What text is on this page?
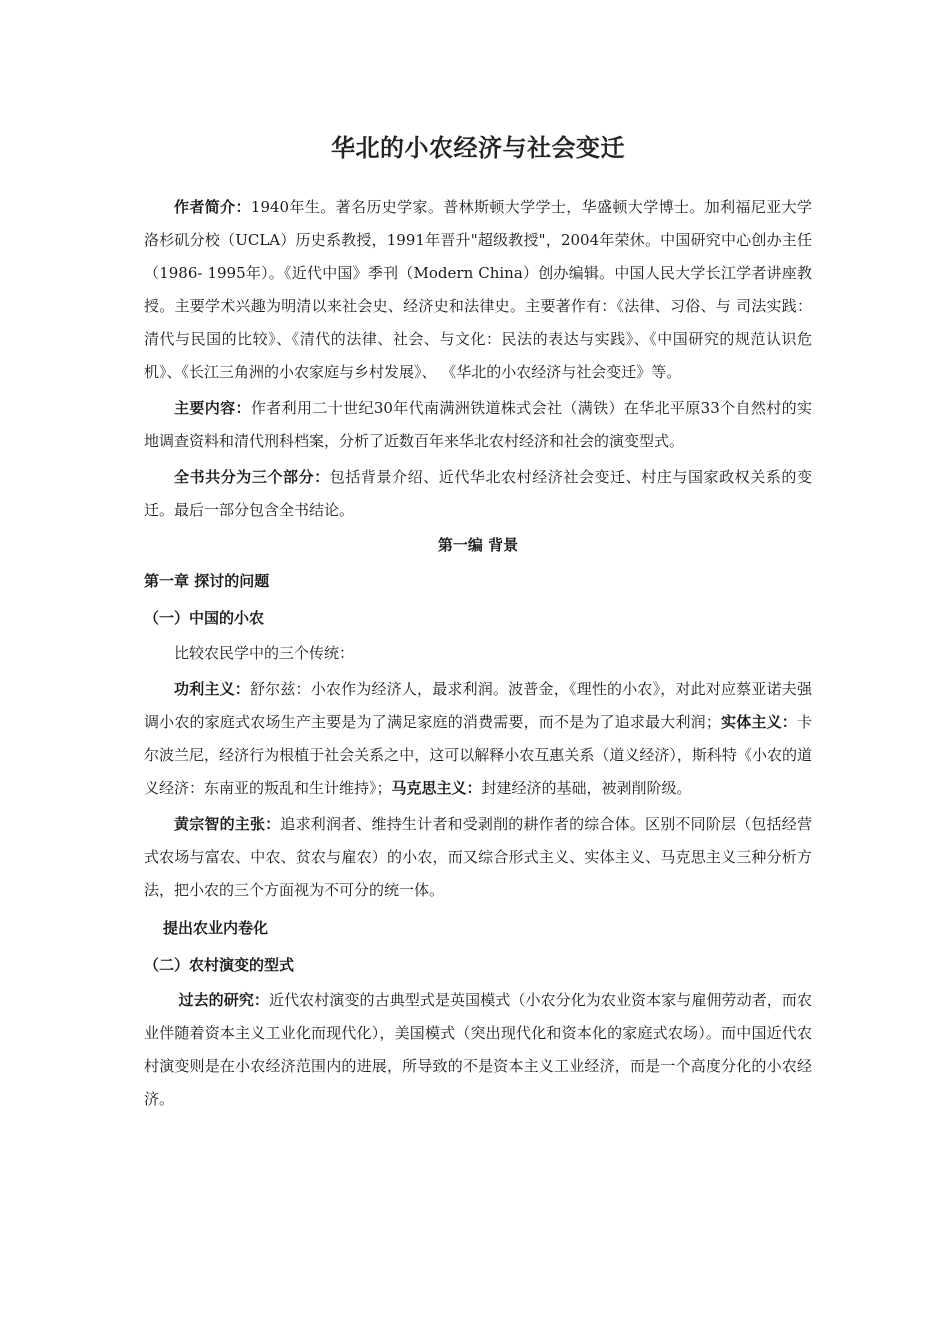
华北的小农经济与社会变迁

作者简介：1940年生。著名历史学家。普林斯顿大学学士，华盛顿大学博士。加利福尼亚大学洛杉矶分校（UCLA）历史系教授，1991年晋升"超级教授"，2004年荣休。中国研究中心创办主任（1986- 1995年）。《近代中国》季刊（Modern China）创办编辑。中国人民大学长江学者讲座教授。主要学术兴趣为明清以来社会史、经济史和法律史。主要著作有：《法律、习俗、与 司法实践：清代与民国的比较》、《清代的法律、社会、与文化：民法的表达与实践》、《中国研究的规范认识危机》、《长江三角洲的小农家庭与乡村发展》、 《华北的小农经济与社会变迁》等。

主要内容：作者利用二十世纪30年代南满洲铁道株式会社（满铁）在华北平原33个自然村的实地调查资料和清代刑科档案，分析了近数百年来华北农村经济和社会的演变型式。

全书共分为三个部分：包括背景介绍、近代华北农村经济社会变迁、村庄与国家政权关系的变迁。最后一部分包含全书结论。

第一编 背景
第一章 探讨的问题
（一）中国的小农

比较农民学中的三个传统：

功利主义：舒尔兹：小农作为经济人，最求利润。波普金，《理性的小农》，对此对应蔡亚诺夫强调小农的家庭式农场生产主要是为了满足家庭的消费需要，而不是为了追求最大利润；实体主义：卡尔波兰尼，经济行为根植于社会关系之中，这可以解释小农互惠关系（道义经济），斯科特《小农的道义经济：东南亚的叛乱和生计维持》；马克思主义：封建经济的基础，被剥削阶级。

黄宗智的主张：追求利润者、维持生计者和受剥削的耕作者的综合体。区别不同阶层（包括经营式农场与富农、中农、贫农与雇农）的小农，而又综合形式主义、实体主义、马克思主义三种分析方法，把小农的三个方面视为不可分的统一体。

提出农业内卷化
（二）农村演变的型式

过去的研究：近代农村演变的古典型式是英国模式（小农分化为农业资本家与雇佣劳动者，而农业伴随着资本主义工业化而现代化），美国模式（突出现代化和资本化的家庭式农场）。而中国近代农村演变则是在小农经济范围内的进展，所导致的不是资本主义工业经济，而是一个高度分化的小农经济。
